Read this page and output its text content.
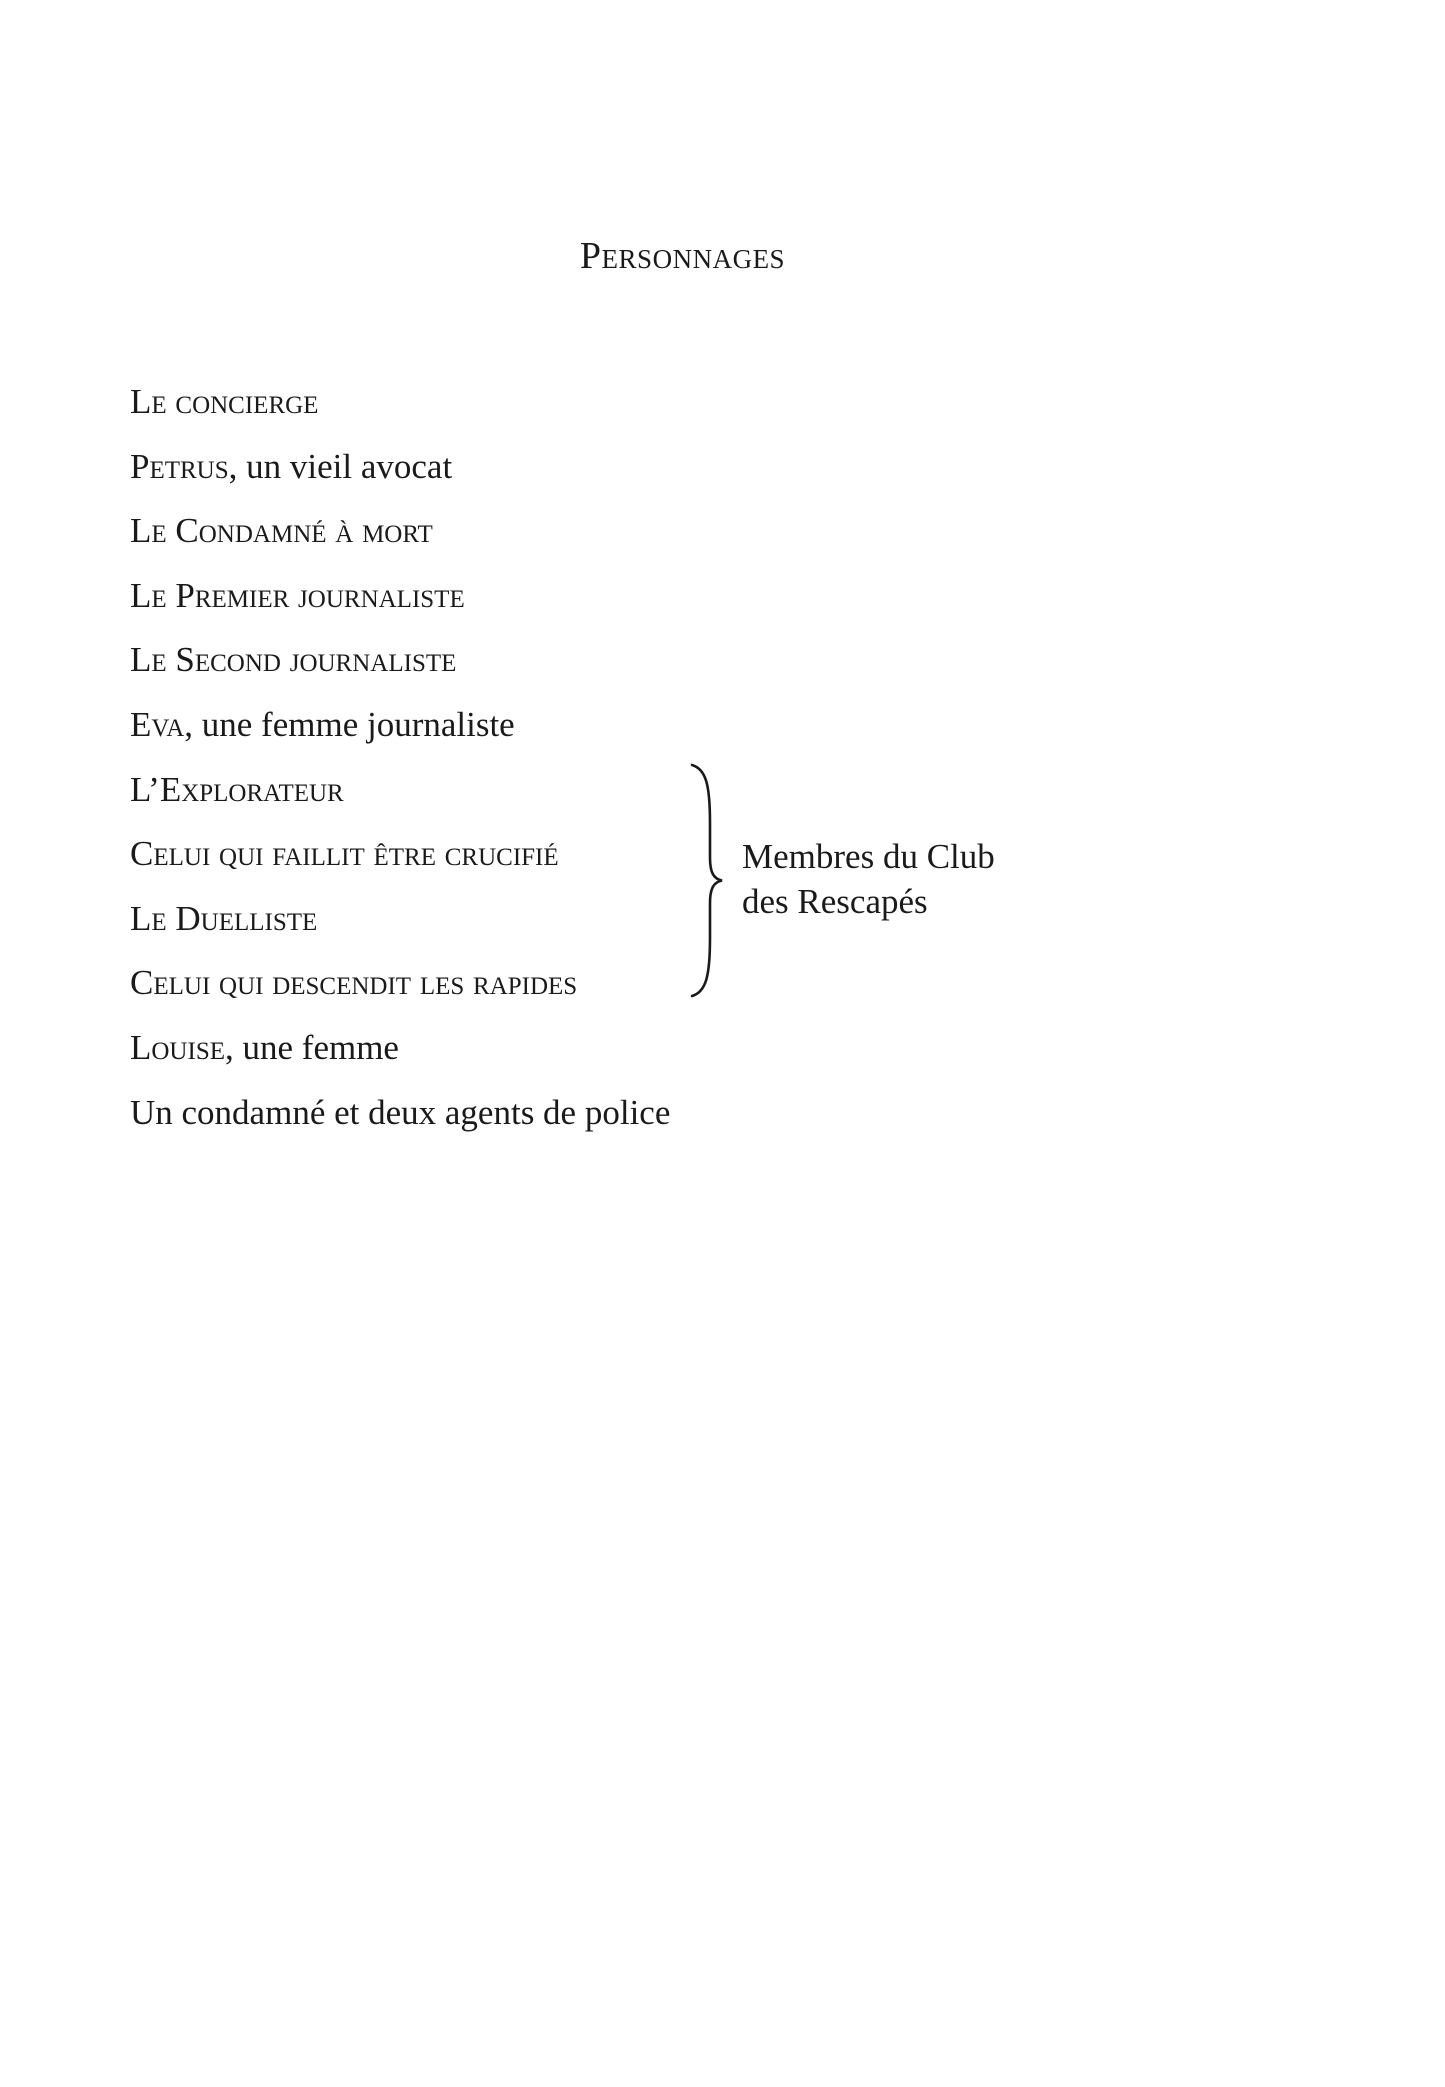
Personnages
Le concierge
Petrus, un vieil avocat
Le Condamné à mort
Le Premier journaliste
Le Second journaliste
Eva, une femme journaliste
L’Explorateur
Celui qui faillit être crucifié
Le Duelliste
Celui qui descendit les rapides
Louise, une femme
Un condamné et deux agents de police
Membres du Club
des Rescapés
